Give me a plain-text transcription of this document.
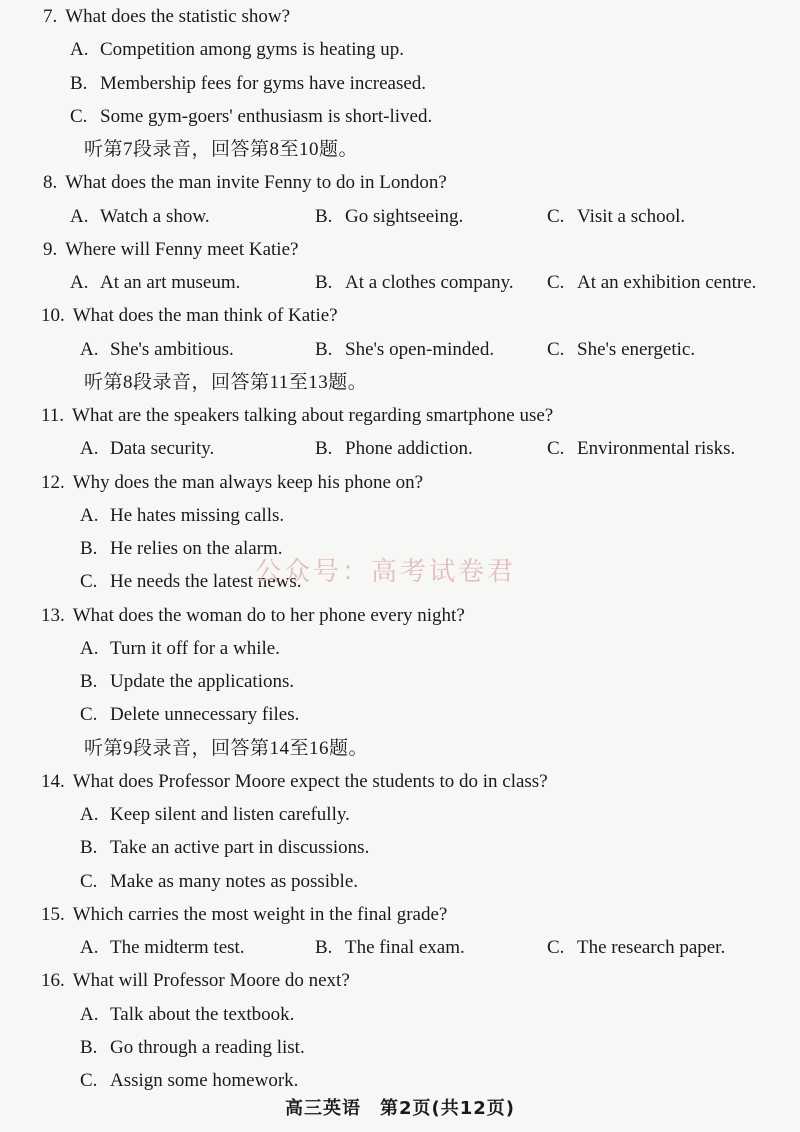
7. What does the statistic show?
A. Competition among gyms is heating up.
B. Membership fees for gyms have increased.
C. Some gym-goers' enthusiasm is short-lived.
听第7段录音，回答第8至10题。
8. What does the man invite Fenny to do in London?
A. Watch a show.	B. Go sightseeing.	C. Visit a school.
9. Where will Fenny meet Katie?
A. At an art museum.	B. At a clothes company. C. At an exhibition centre.
10. What does the man think of Katie?
A. She's ambitious.	B. She's open-minded.	C. She's energetic.
听第8段录音，回答第11至13题。
11. What are the speakers talking about regarding smartphone use?
A. Data security.	B. Phone addiction.	C. Environmental risks.
12. Why does the man always keep his phone on?
A. He hates missing calls.
B. He relies on the alarm.
C. He needs the latest news.
13. What does the woman do to her phone every night?
A. Turn it off for a while.
B. Update the applications.
C. Delete unnecessary files.
听第9段录音，回答第14至16题。
14. What does Professor Moore expect the students to do in class?
A. Keep silent and listen carefully.
B. Take an active part in discussions.
C. Make as many notes as possible.
15. Which carries the most weight in the final grade?
A. The midterm test.	B. The final exam.	C. The research paper.
16. What will Professor Moore do next?
A. Talk about the textbook.
B. Go through a reading list.
C. Assign some homework.
公众号：高考试卷君
高三英语　第2页(共12页)
